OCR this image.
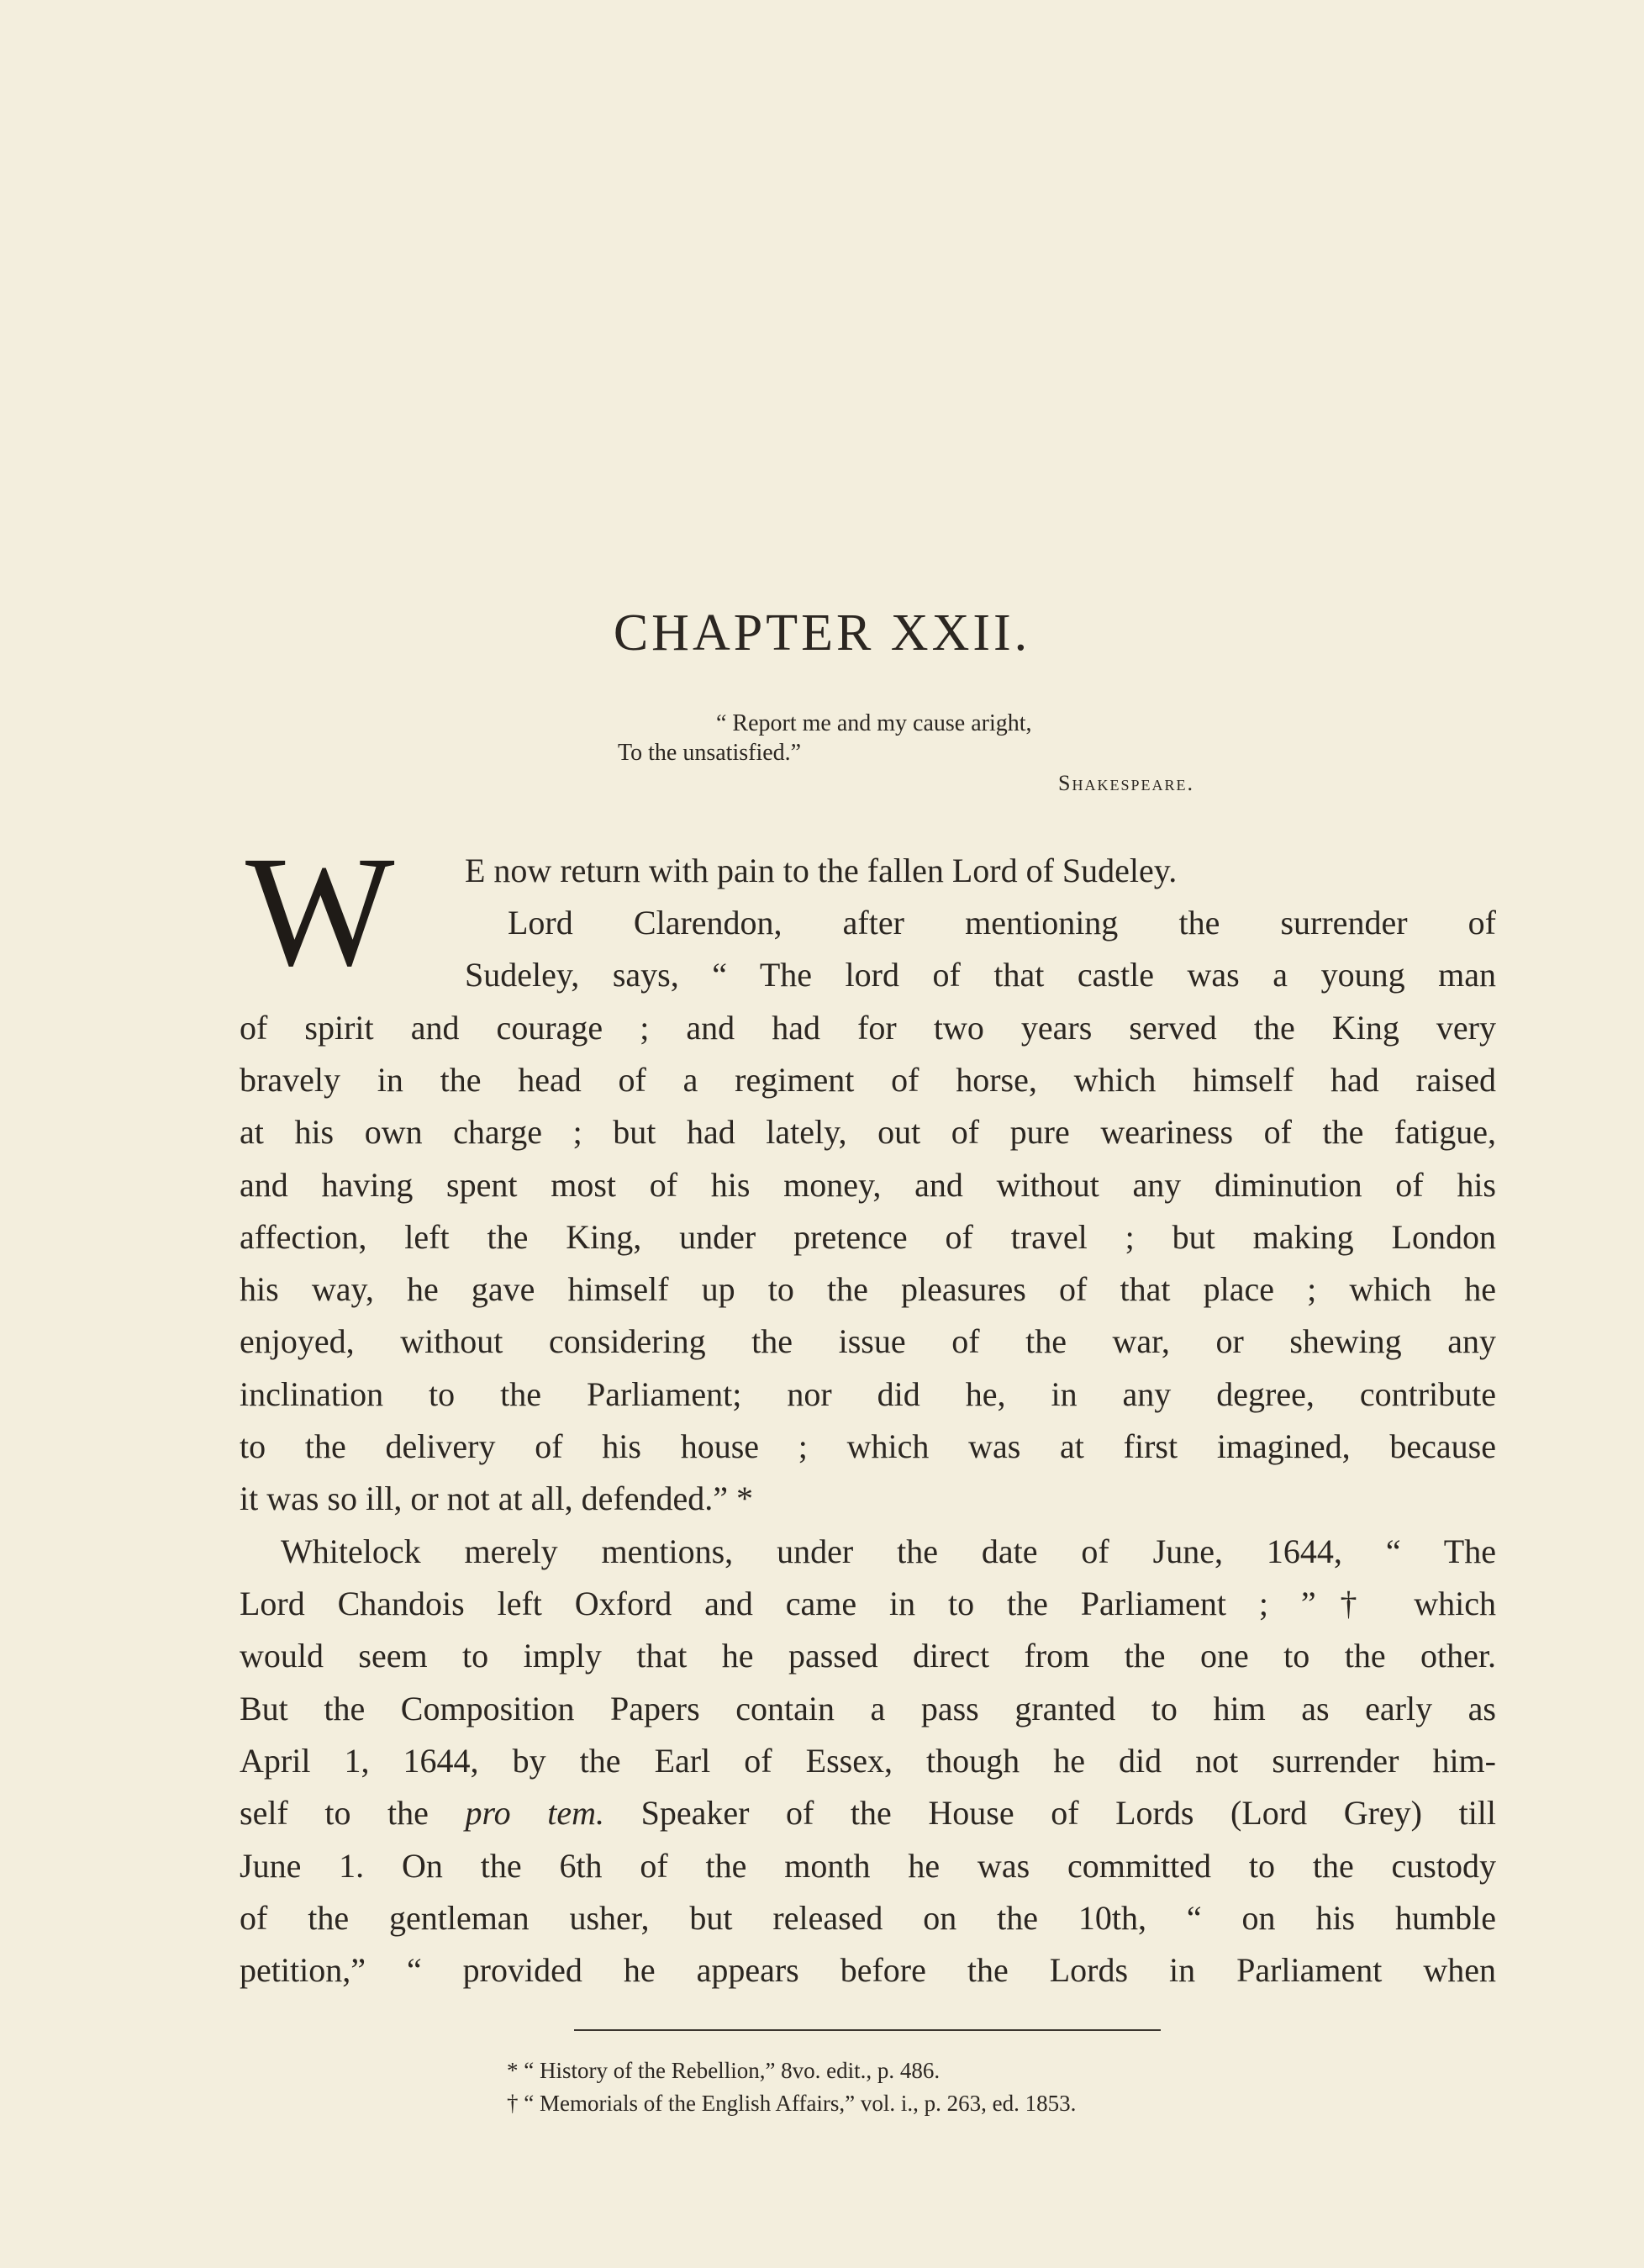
CHAPTER XXII.
“ Report me and my cause aright,
To the unsatisfied.”
Shakespeare.
W E now return with pain to the fallen Lord of Sudeley.
Lord Clarendon, after mentioning the surrender of
Sudeley, says, “ The lord of that castle was a young man
of spirit and courage ; and had for two years served the King very
bravely in the head of a regiment of horse, which himself had raised
at his own charge ; but had lately, out of pure weariness of the fatigue,
and having spent most of his money, and without any diminution of his
affection, left the King, under pretence of travel ; but making London
his way, he gave himself up to the pleasures of that place ; which he
enjoyed, without considering the issue of the war, or shewing any
inclination to the Parliament; nor did he, in any degree, contribute
to the delivery of his house ; which was at first imagined, because
it was so ill, or not at all, defended.” *
Whitelock merely mentions, under the date of June, 1644, “ The
Lord Chandois left Oxford and came in to the Parliament ; ”† which
would seem to imply that he passed direct from the one to the other.
But the Composition Papers contain a pass granted to him as early as
April 1, 1644, by the Earl of Essex, though he did not surrender him-
self to the pro tem. Speaker of the House of Lords (Lord Grey) till
June 1. On the 6th of the month he was committed to the custody
of the gentleman usher, but released on the 10th, “ on his humble
petition,” “ provided he appears before the Lords in Parliament when
* “ History of the Rebellion,” 8vo. edit., p. 486.
† “ Memorials of the English Affairs,” vol. i., p. 263, ed. 1853.
